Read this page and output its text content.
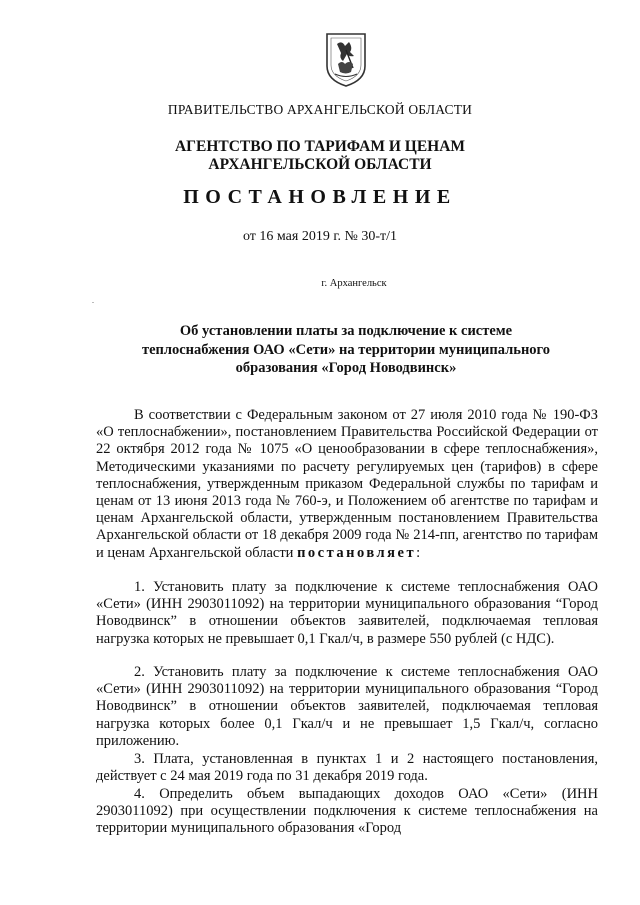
ПРАВИТЕЛЬСТВО АРХАНГЕЛЬСКОЙ ОБЛАСТИ
АГЕНТСТВО ПО ТАРИФАМ И ЦЕНАМ
АРХАНГЕЛЬСКОЙ ОБЛАСТИ
ПОСТАНОВЛЕНИЕ
от 16 мая 2019 г. № 30-т/1
г. Архангельск
Об установлении платы за подключение к системе
теплоснабжения ОАО «Сети» на территории муниципального
образования «Город Новодвинск»

В соответствии с Федеральным законом от 27 июля 2010 года № 190-ФЗ «О теплоснабжении», постановлением Правительства Российской Федерации от 22 октября 2012 года № 1075 «О ценообразовании в сфере теплоснабжения», Методическими указаниями по расчету регулируемых цен (тарифов) в сфере теплоснабжения, утвержденным приказом Федеральной службы по тарифам и ценам от 13 июня 2013 года № 760-э, и Положением об агентстве по тарифам и ценам Архангельской области, утвержденным постановлением Правительства Архангельской области от 18 декабря 2009 года № 214-пп, агентство по тарифам и ценам Архангельской области постановляет:

1. Установить плату за подключение к системе теплоснабжения ОАО «Сети» (ИНН 2903011092) на территории муниципального образования “Город Новодвинск” в отношении объектов заявителей, подключаемая тепловая нагрузка которых не превышает 0,1 Гкал/ч, в размере 550 рублей (с НДС).

2. Установить плату за подключение к системе теплоснабжения ОАО «Сети» (ИНН 2903011092) на территории муниципального образования “Город Новодвинск” в отношении объектов заявителей, подключаемая тепловая нагрузка которых более 0,1 Гкал/ч и не превышает 1,5 Гкал/ч, согласно приложению.

3. Плата, установленная в пунктах 1 и 2 настоящего постановления, действует с 24 мая 2019 года по 31 декабря 2019 года.

4. Определить объем выпадающих доходов ОАО «Сети» (ИНН 2903011092) при осуществлении подключения к системе теплоснабжения на территории муниципального образования «Город
